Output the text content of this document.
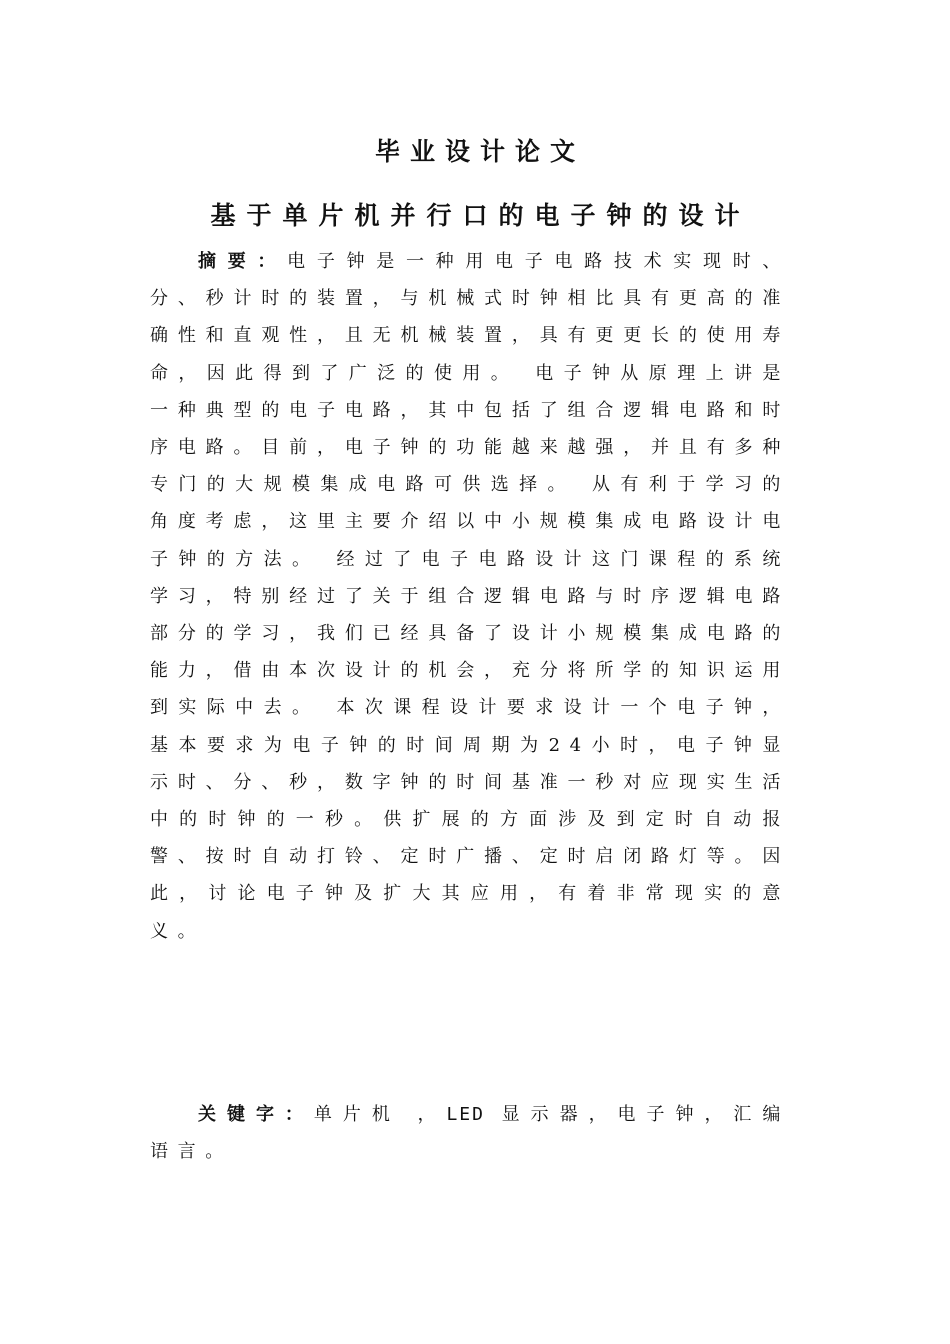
毕业设计论文
基于单片机并行口的电子钟的设计
摘要：电子钟是一种用电子电路技术实现时、分、秒计时的装置，与机械式时钟相比具有更高的准确性和直观性，且无机械装置，具有更更长的使用寿命，因此得到了广泛的使用。 电子钟从原理上讲是一种典型的电子电路，其中包括了组合逻辑电路和时序电路。目前，电子钟的功能越来越强，并且有多种专门的大规模集成电路可供选择。 从有利于学习的角度考虑，这里主要介绍以中小规模集成电路设计电子钟的方法。 经过了电子电路设计这门课程的系统学习，特别经过了关于组合逻辑电路与时序逻辑电路部分的学习，我们已经具备了设计小规模集成电路的能力，借由本次设计的机会，充分将所学的知识运用到实际中去。 本次课程设计要求设计一个电子钟，基本要求为电子钟的时间周期为24小时，电子钟显示时、分、秒，数字钟的时间基准一秒对应现实生活中的时钟的一秒。供扩展的方面涉及到定时自动报警、按时自动打铃、定时广播、定时启闭路灯等。因此，讨论电子钟及扩大其应用，有着非常现实的意义。
关键字：单片机 ，LED 显示器，电子钟，汇编语言。
